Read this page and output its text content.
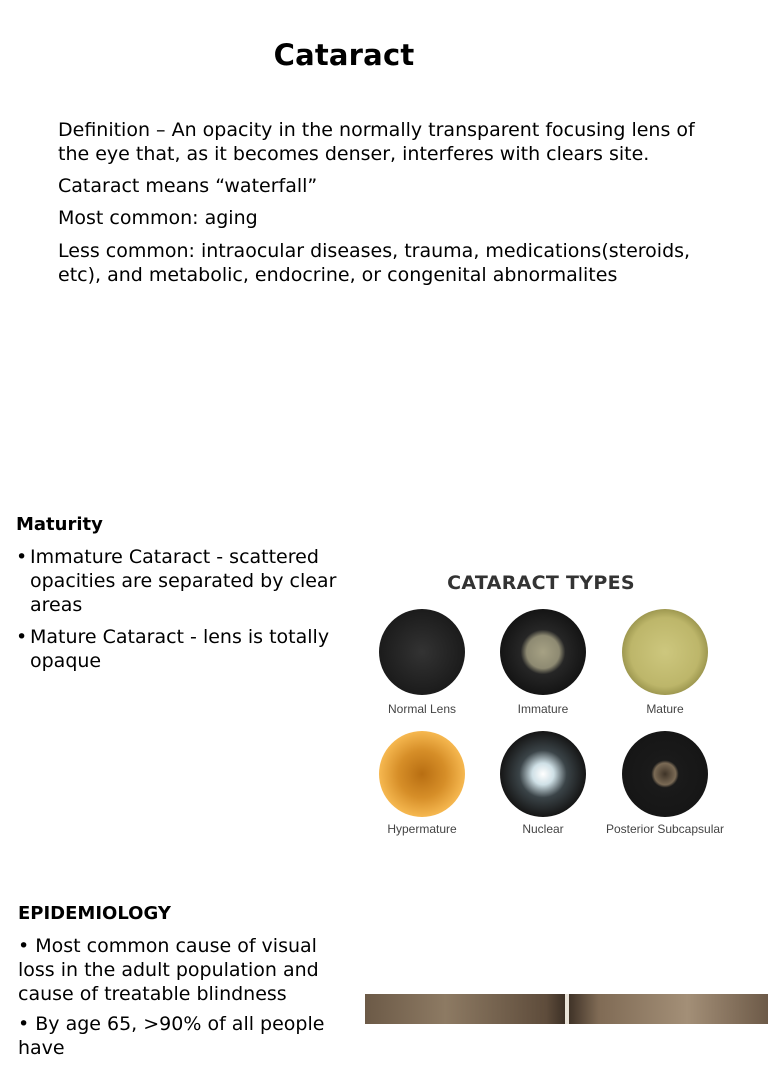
Cataract
Definition – An opacity in the normally transparent focusing lens of the eye that, as it becomes denser, interferes with clears site.
Cataract means “waterfall”
Most common: aging
Less common: intraocular diseases, trauma, medications(steroids, etc), and metabolic, endocrine, or congenital abnormalites
Maturity
• Immature Cataract - scattered opacities are separated by clear areas
• Mature Cataract - lens is totally opaque
CATARACT TYPES
Normal Lens	Immature	Mature
Hypermature	Nuclear	Posterior Subcapsular
EPIDEMIOLOGY

• Most common cause of visual loss in the adult population and cause of treatable blindness

• By age 65, >90% of all people have
